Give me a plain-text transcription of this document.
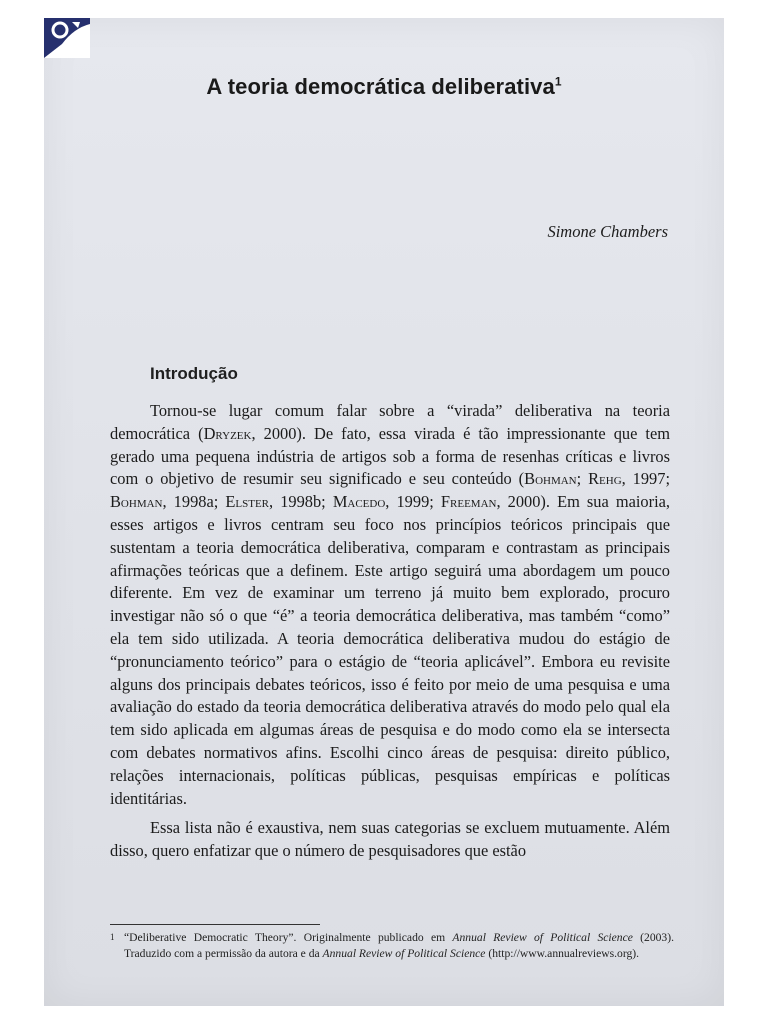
A teoria democrática deliberativa$^1$
Simone Chambers
Introdução

Tornou-se lugar comum falar sobre a “virada” deliberativa na teoria democrática (Dryzek, 2000). De fato, essa virada é tão impressionante que tem gerado uma pequena indústria de artigos sob a forma de resenhas críticas e livros com o objetivo de resumir seu significado e seu conteúdo (Bohman; Rehg, 1997; Bohman, 1998a; Elster, 1998b; Macedo, 1999; Freeman, 2000). Em sua maioria, esses artigos e livros centram seu foco nos princípios teóricos principais que sustentam a teoria democrática deliberativa, comparam e contrastam as principais afirmações teóricas que a definem. Este artigo seguirá uma abordagem um pouco diferente. Em vez de examinar um terreno já muito bem explorado, procuro investigar não só o que “é” a teoria democrática deliberativa, mas também “como” ela tem sido utilizada. A teoria democrática deliberativa mudou do estágio de “pronunciamento teórico” para o estágio de “teoria aplicável”. Embora eu revisite alguns dos principais debates teóricos, isso é feito por meio de uma pesquisa e uma avaliação do estado da teoria democrática deliberativa através do modo pelo qual ela tem sido aplicada em algumas áreas de pesquisa e do modo como ela se intersecta com debates normativos afins. Escolhi cinco áreas de pesquisa: direito público, relações internacionais, políticas públicas, pesquisas empíricas e políticas identitárias.

Essa lista não é exaustiva, nem suas categorias se excluem mutuamente. Além disso, quero enfatizar que o número de pesquisadores que estão

1 “Deliberative Democratic Theory”. Originalmente publicado em Annual Review of Political Science (2003). Traduzido com a permissão da autora e da Annual Review of Political Science (http://www.annualreviews.org).
